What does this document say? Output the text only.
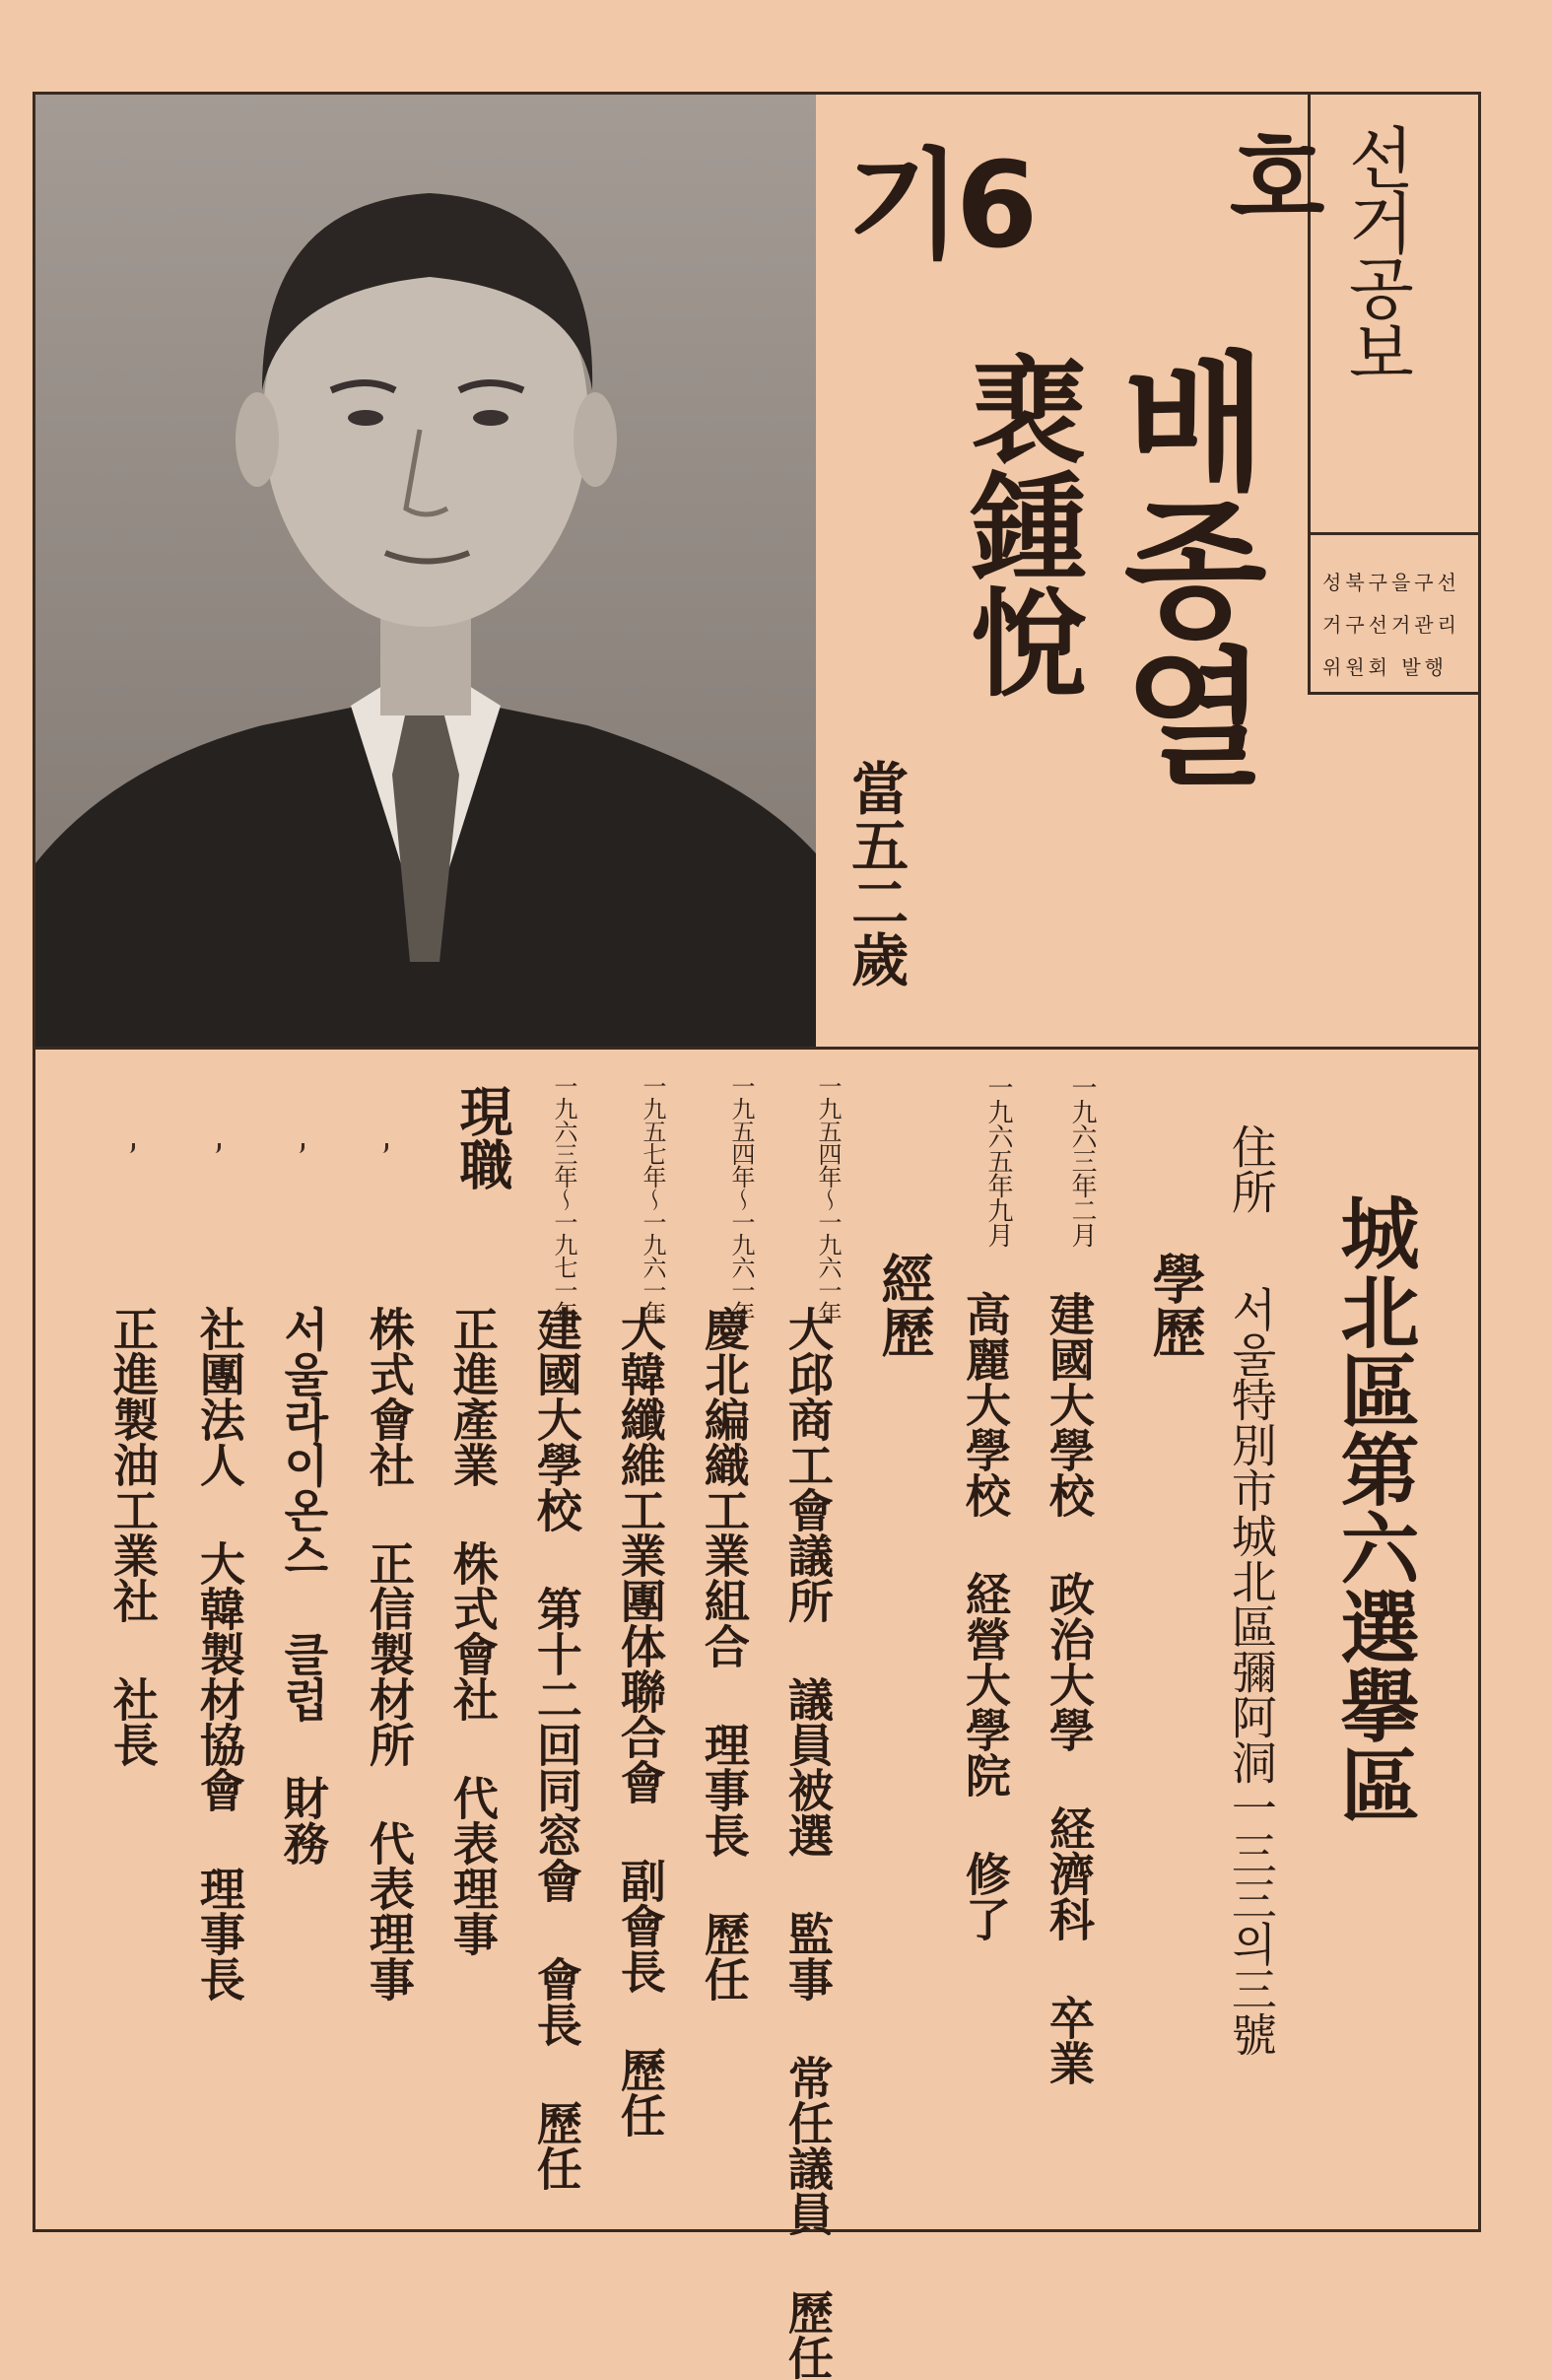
선거공보
성북구을구선
거구선거관리
위원회 발행
호
기6
배종열
裵鍾悅
當五二歲
城北區第六選擧區
住所
서울特別市城北區彌阿洞一三三의三號
學歷
一九六三年二月
建國大學校 政治大學 経濟科 卒業
一九六五年九月
高麗大學校 経營大學院 修了
經歷
一九五四年～一九六一年
大邱商工會議所 議員被選 監事 常任議員 歷任
一九五四年～一九六一年
慶北編織工業組合 理事長 歷任
一九五七年～一九六一年
大韓纖維工業團体聯合會 副會長 歷任
一九六三年～一九七一年
建國大學校 第十二回同窓會 會長 歷任
現職
正進產業 株式會社 代表理事
株式會社 正信製材所 代表理事
서울라이온스 클럽 財務
社團法人 大韓製材協會 理事長
正進製油工業社 社長
